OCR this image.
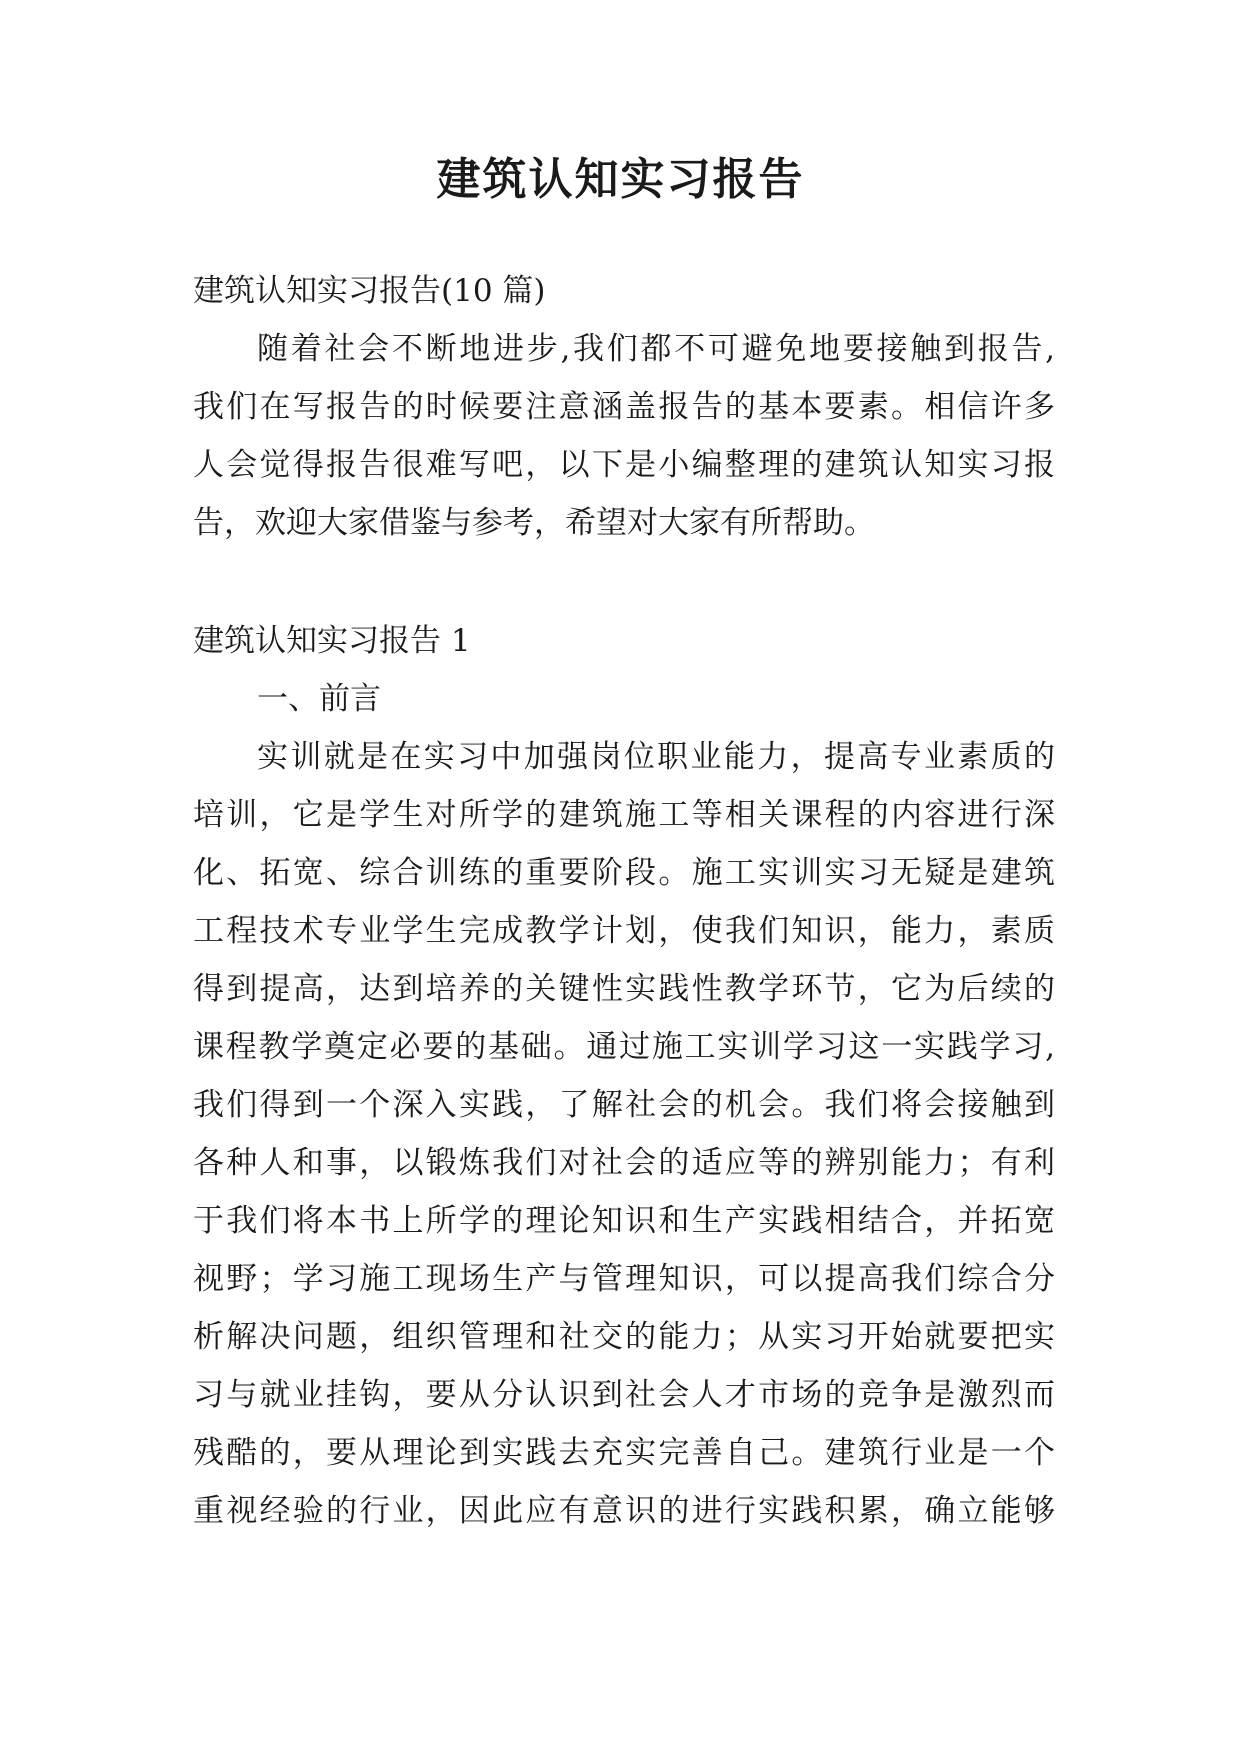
建筑认知实习报告
建筑认知实习报告(10 篇)
随着社会不断地进步,我们都不可避免地要接触到报告,
我们在写报告的时候要注意涵盖报告的基本要素。相信许多
人会觉得报告很难写吧，以下是小编整理的建筑认知实习报
告，欢迎大家借鉴与参考，希望对大家有所帮助。
建筑认知实习报告 1
一、前言
实训就是在实习中加强岗位职业能力，提高专业素质的
培训，它是学生对所学的建筑施工等相关课程的内容进行深
化、拓宽、综合训练的重要阶段。施工实训实习无疑是建筑
工程技术专业学生完成教学计划，使我们知识，能力，素质
得到提高，达到培养的关键性实践性教学环节，它为后续的
课程教学奠定必要的基础。通过施工实训学习这一实践学习,
我们得到一个深入实践，了解社会的机会。我们将会接触到
各种人和事，以锻炼我们对社会的适应等的辨别能力；有利
于我们将本书上所学的理论知识和生产实践相结合，并拓宽
视野；学习施工现场生产与管理知识，可以提高我们综合分
析解决问题，组织管理和社交的能力；从实习开始就要把实
习与就业挂钩，要从分认识到社会人才市场的竞争是激烈而
残酷的，要从理论到实践去充实完善自己。建筑行业是一个
重视经验的行业，因此应有意识的进行实践积累，确立能够
